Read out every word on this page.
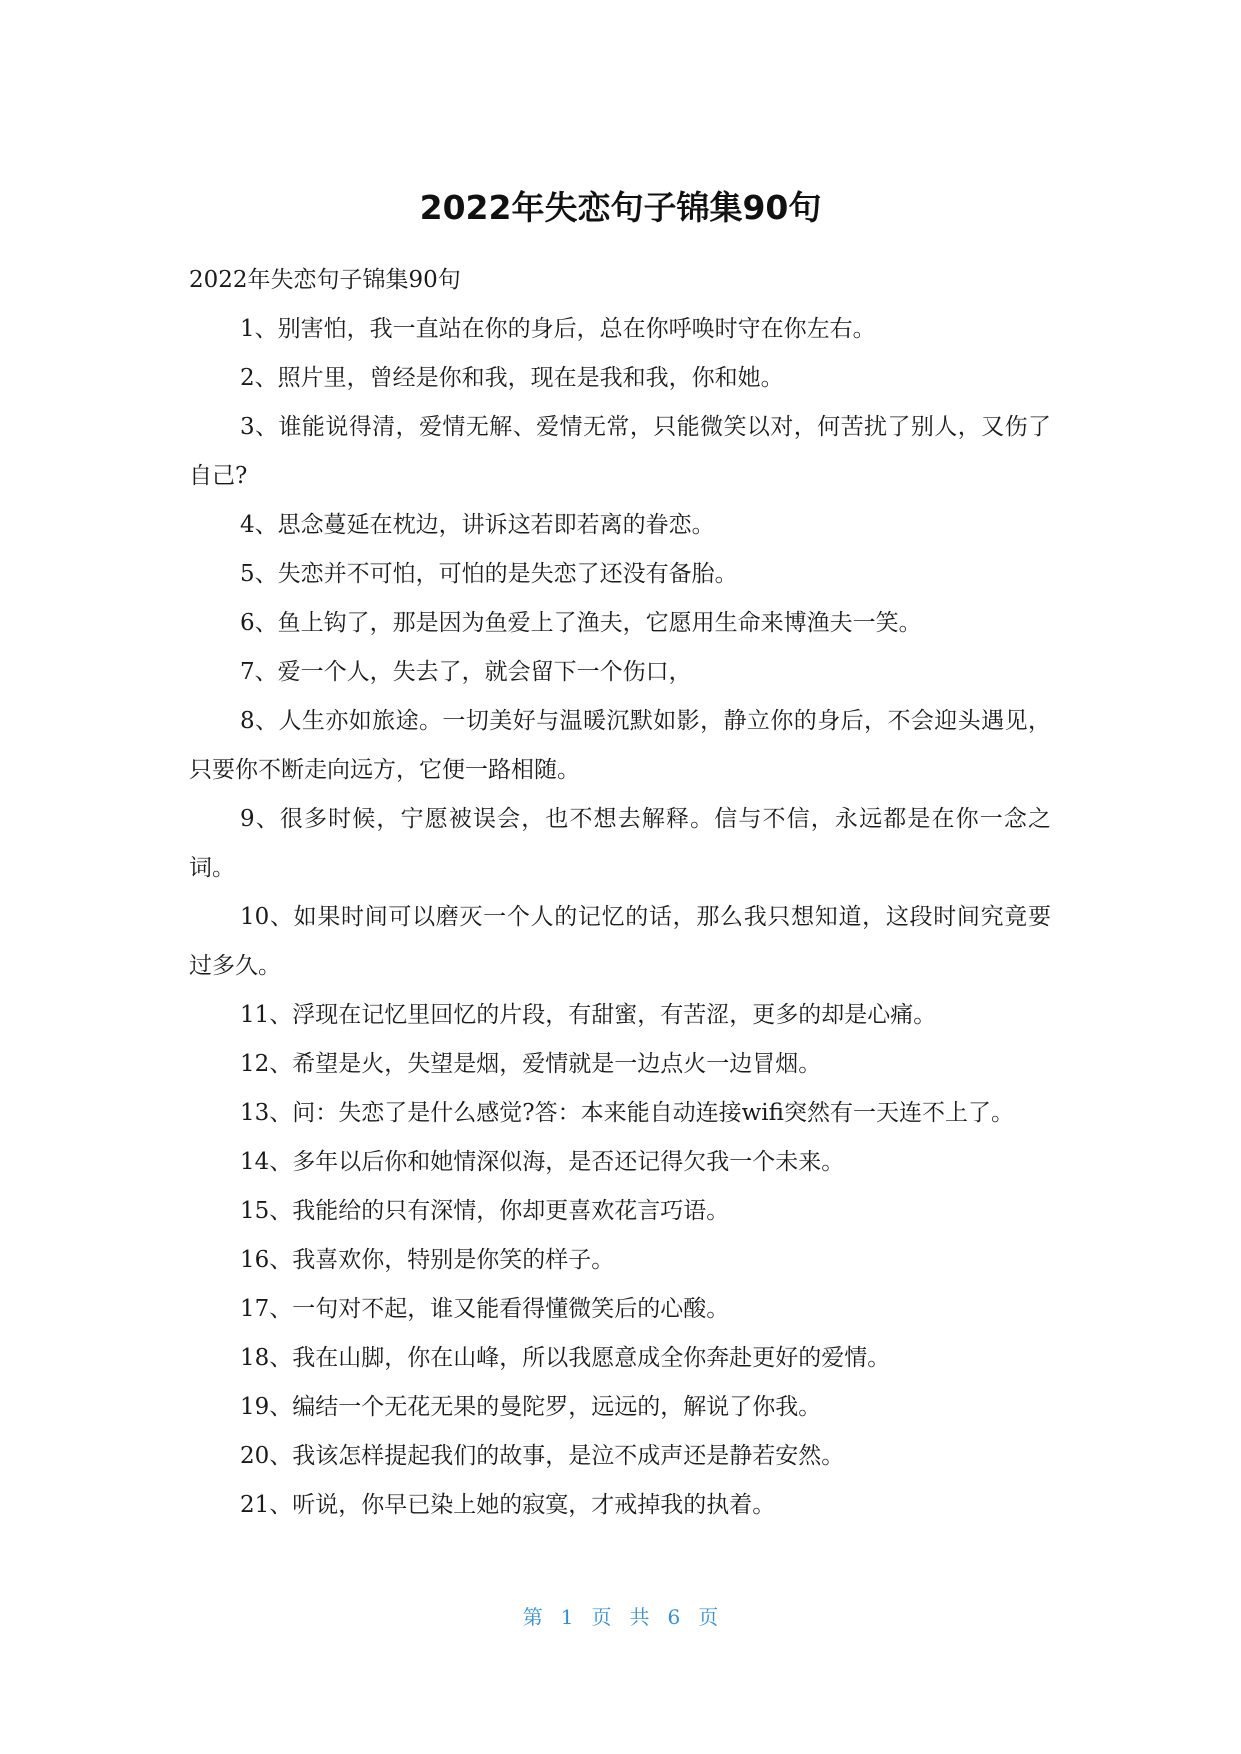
2022年失恋句子锦集90句

2022年失恋句子锦集90句

1、别害怕，我一直站在你的身后，总在你呼唤时守在你左右。

2、照片里，曾经是你和我，现在是我和我，你和她。

3、谁能说得清，爱情无解、爱情无常，只能微笑以对，何苦扰了别人，又伤了自己?

4、思念蔓延在枕边，讲诉这若即若离的眷恋。

5、失恋并不可怕，可怕的是失恋了还没有备胎。

6、鱼上钩了，那是因为鱼爱上了渔夫，它愿用生命来博渔夫一笑。

7、爱一个人，失去了，就会留下一个伤口，

8、人生亦如旅途。一切美好与温暖沉默如影，静立你的身后，不会迎头遇见，只要你不断走向远方，它便一路相随。

9、很多时候，宁愿被误会，也不想去解释。信与不信，永远都是在你一念之词。

10、如果时间可以磨灭一个人的记忆的话，那么我只想知道，这段时间究竟要过多久。

11、浮现在记忆里回忆的片段，有甜蜜，有苦涩，更多的却是心痛。

12、希望是火，失望是烟，爱情就是一边点火一边冒烟。

13、问：失恋了是什么感觉?答：本来能自动连接wifi突然有一天连不上了。

14、多年以后你和她情深似海，是否还记得欠我一个未来。

15、我能给的只有深情，你却更喜欢花言巧语。

16、我喜欢你，特别是你笑的样子。

17、一句对不起，谁又能看得懂微笑后的心酸。

18、我在山脚，你在山峰，所以我愿意成全你奔赴更好的爱情。

19、编结一个无花无果的曼陀罗，远远的，解说了你我。

20、我该怎样提起我们的故事，是泣不成声还是静若安然。

21、听说，你早已染上她的寂寞，才戒掉我的执着。

第 1 页 共 6 页
